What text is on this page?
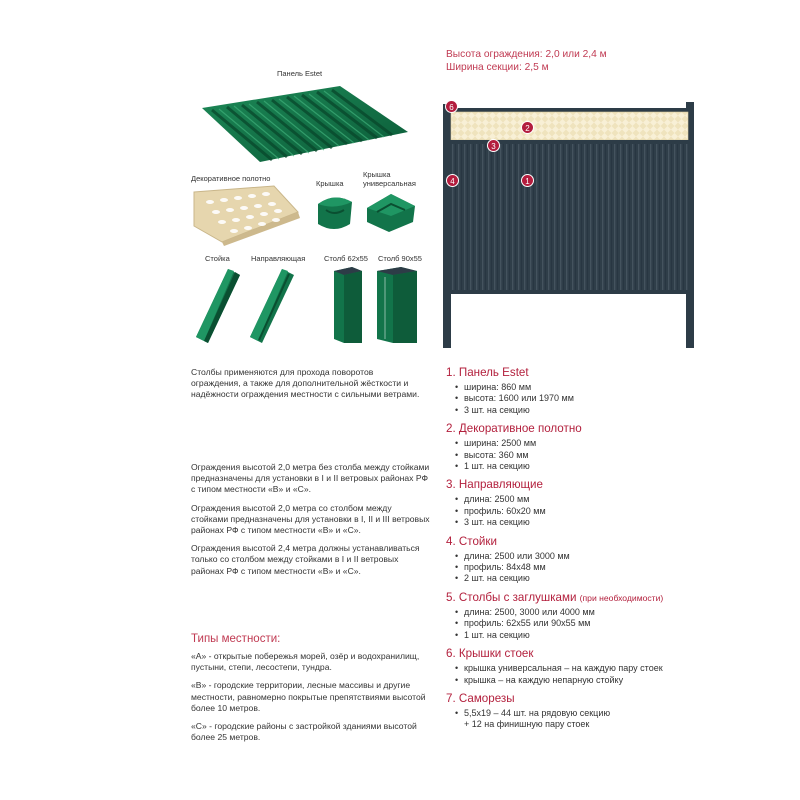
Панель Estet
Декоративное полотно
Крышка
Крышка
универсальная
Стойка	Направляющая Столб 62х55 Столб 90х55
Столбы применяются для прохода поворотов ограждения, а также для дополнительной жёсткости и надёжности ограждения местности с сильными ветрами.
Ограждения высотой 2,0 метра без столба между стойками предназначены для установки в I и II ветровых районах РФ с типом местности «В» и «С».
Ограждения высотой 2,0 метра со столбом между стойками предназначены для установки в I, II и III ветровых районах РФ с типом местности «В» и «С».
Ограждения высотой 2,4 метра должны устанавливаться только со столбом между стойками в I и II ветровых районах РФ с типом местности «В» и «С».
Типы местности:
«А» - открытые побережья морей, озёр и водохранилищ, пустыни, степи, лесостепи, тундра.
«В» - городские территории, лесные массивы и другие местности, равномерно покрытые препятствиями высотой более 10 метров.
«С» - городские районы с застройкой зданиями высотой более 25 метров.
Высота ограждения: 2,0 или 2,4 м
Ширина секции: 2,5 м
6
2
3
4	1
1. Панель Estet
• ширина: 860 мм
• высота: 1600 или 1970 мм
• 3 шт. на секцию
2. Декоративное полотно
• ширина: 2500 мм
• высота: 360 мм
• 1 шт. на секцию
3. Направляющие
• длина: 2500 мм
• профиль: 60х20 мм
• 3 шт. на секцию
4. Стойки
• длина: 2500 или 3000 мм
• профиль: 84х48 мм
• 2 шт. на секцию
5. Столбы с заглушками (при необходимости)
• длина: 2500, 3000 или 4000 мм
• профиль: 62х55 или 90х55 мм
• 1 шт. на секцию
6. Крышки стоек
• крышка универсальная – на каждую пару стоек
• крышка – на каждую непарную стойку
7. Саморезы
• 5,5х19 – 44 шт. на рядовую секцию
+ 12 на финишную пару стоек
